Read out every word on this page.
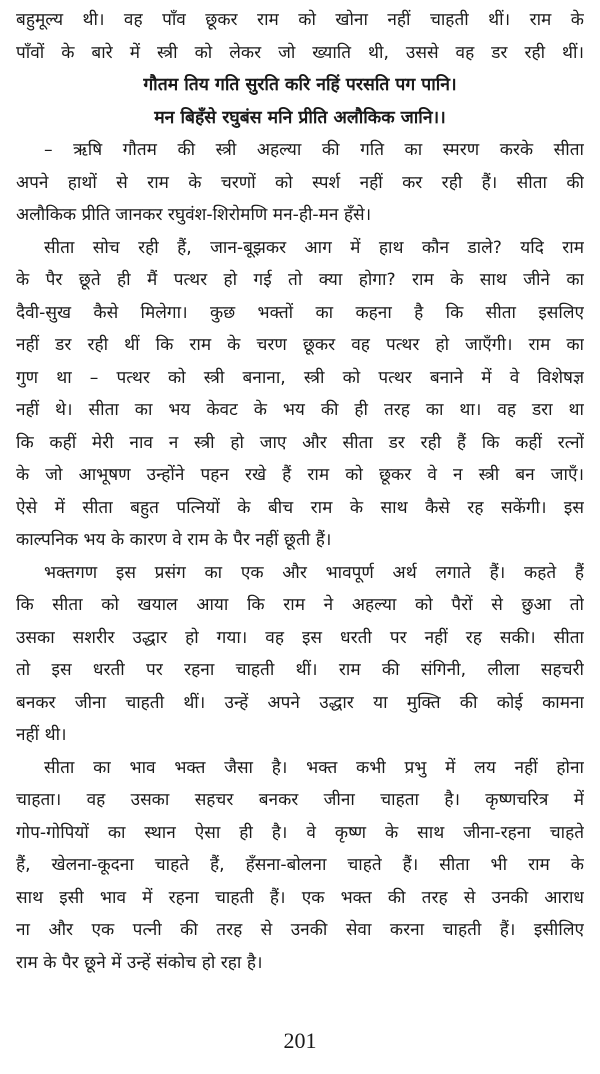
बहुमूल्य थी। वह पाँव छूकर राम को खोना नहीं चाहती थीं। राम के
पाँवों के बारे में स्त्री को लेकर जो ख्याति थी, उससे वह डर रही थीं।
गौतम तिय गति सुरति करि नहिं परसति पग पानि।
मन बिहँसे रघुबंस मनि प्रीति अलौकिक जानि।।
– ऋषि गौतम की स्त्री अहल्या की गति का स्मरण करके सीता
अपने हाथों से राम के चरणों को स्पर्श नहीं कर रही हैं। सीता की
अलौकिक प्रीति जानकर रघुवंश-शिरोमणि मन-ही-मन हँसे।
सीता सोच रही हैं, जान-बूझकर आग में हाथ कौन डाले? यदि राम
के पैर छूते ही मैं पत्थर हो गई तो क्या होगा? राम के साथ जीने का
दैवी-सुख कैसे मिलेगा। कुछ भक्तों का कहना है कि सीता इसलिए
नहीं डर रही थीं कि राम के चरण छूकर वह पत्थर हो जाएँगी। राम का
गुण था – पत्थर को स्त्री बनाना, स्त्री को पत्थर बनाने में वे विशेषज्ञ
नहीं थे। सीता का भय केवट के भय की ही तरह का था। वह डरा था
कि कहीं मेरी नाव न स्त्री हो जाए और सीता डर रही हैं कि कहीं रत्नों
के जो आभूषण उन्होंने पहन रखे हैं राम को छूकर वे न स्त्री बन जाएँ।
ऐसे में सीता बहुत पत्नियों के बीच राम के साथ कैसे रह सकेंगी। इस
काल्पनिक भय के कारण वे राम के पैर नहीं छूती हैं।
भक्तगण इस प्रसंग का एक और भावपूर्ण अर्थ लगाते हैं। कहते हैं
कि सीता को खयाल आया कि राम ने अहल्या को पैरों से छुआ तो
उसका सशरीर उद्धार हो गया। वह इस धरती पर नहीं रह सकी। सीता
तो इस धरती पर रहना चाहती थीं। राम की संगिनी, लीला सहचरी
बनकर जीना चाहती थीं। उन्हें अपने उद्धार या मुक्ति की कोई कामना
नहीं थी।
सीता का भाव भक्त जैसा है। भक्त कभी प्रभु में लय नहीं होना
चाहता। वह उसका सहचर बनकर जीना चाहता है। कृष्णचरित्र में
गोप-गोपियों का स्थान ऐसा ही है। वे कृष्ण के साथ जीना-रहना चाहते
हैं, खेलना-कूदना चाहते हैं, हँसना-बोलना चाहते हैं। सीता भी राम के
साथ इसी भाव में रहना चाहती हैं। एक भक्त की तरह से उनकी आराध
ना और एक पत्नी की तरह से उनकी सेवा करना चाहती हैं। इसीलिए
राम के पैर छूने में उन्हें संकोच हो रहा है।
201
